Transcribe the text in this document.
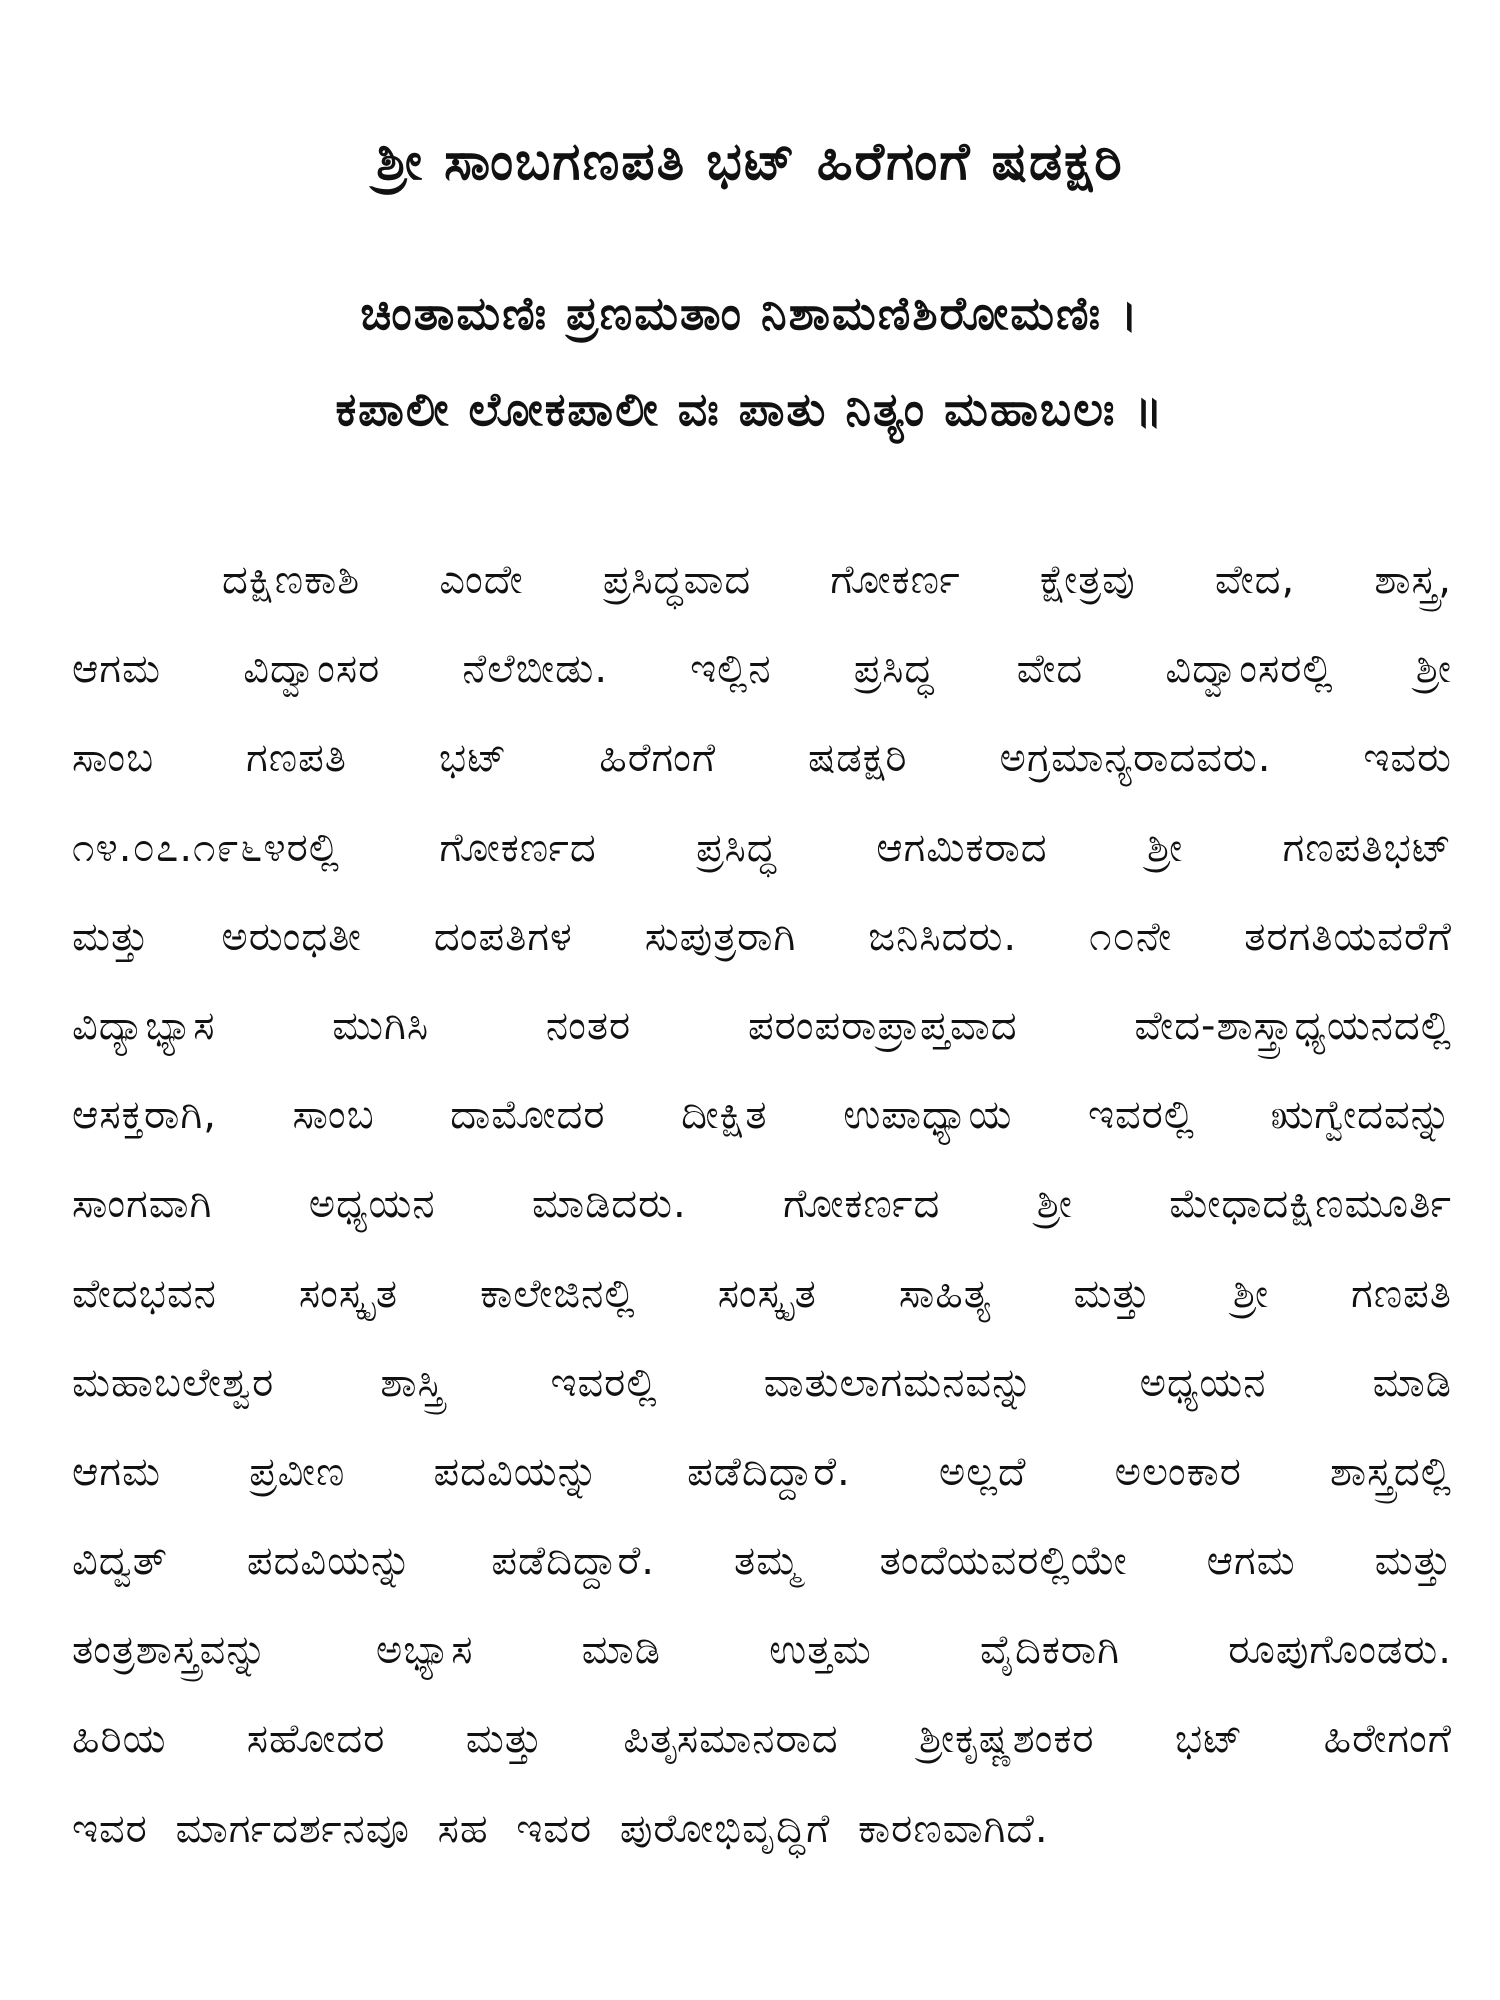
ಶ್ರೀ ಸಾಂಬಗಣಪತಿ ಭಟ್ ಹಿರೆಗಂಗೆ ಷಡಕ್ಷರಿ
ಚಿಂತಾಮಣಿಃ ಪ್ರಣಮತಾಂ ನಿಶಾಮಣಿಶಿರೋಮಣಿಃ ।
ಕಪಾಲೀ ಲೋಕಪಾಲೀ ವಃ ಪಾತು ನಿತ್ಯಂ ಮಹಾಬಲಃ ॥
ದಕ್ಷಿಣಕಾಶಿ ಎಂದೇ ಪ್ರಸಿದ್ಧವಾದ ಗೋಕರ್ಣ ಕ್ಷೇತ್ರವು ವೇದ, ಶಾಸ್ತ್ರ,
ಆಗಮ ವಿದ್ವಾಂಸರ ನೆಲೆಬೀಡು. ಇಲ್ಲಿನ ಪ್ರಸಿದ್ಧ ವೇದ ವಿದ್ವಾಂಸರಲ್ಲಿ ಶ್ರೀ
ಸಾಂಬ ಗಣಪತಿ ಭಟ್ ಹಿರೆಗಂಗೆ ಷಡಕ್ಷರಿ ಅಗ್ರಮಾನ್ಯರಾದವರು. ಇವರು
೧೪.೦೭.೧೯೬೪ರಲ್ಲಿ ಗೋಕರ್ಣದ ಪ್ರಸಿದ್ಧ ಆಗಮಿಕರಾದ ಶ್ರೀ ಗಣಪತಿಭಟ್
ಮತ್ತು ಅರುಂಧತೀ ದಂಪತಿಗಳ ಸುಪುತ್ರರಾಗಿ ಜನಿಸಿದರು. ೧೦ನೇ ತರಗತಿಯವರೆಗೆ
ವಿದ್ಯಾಭ್ಯಾಸ ಮುಗಿಸಿ ನಂತರ ಪರಂಪರಾಪ್ರಾಪ್ತವಾದ ವೇದ-ಶಾಸ್ತ್ರಾಧ್ಯಯನದಲ್ಲಿ
ಆಸಕ್ತರಾಗಿ, ಸಾಂಬ ದಾಮೋದರ ದೀಕ್ಷಿತ ಉಪಾಧ್ಯಾಯ ಇವರಲ್ಲಿ ಋಗ್ವೇದವನ್ನು
ಸಾಂಗವಾಗಿ ಅಧ್ಯಯನ ಮಾಡಿದರು. ಗೋಕರ್ಣದ ಶ್ರೀ ಮೇಧಾದಕ್ಷಿಣಮೂರ್ತಿ
ವೇದಭವನ ಸಂಸ್ಕೃತ ಕಾಲೇಜಿನಲ್ಲಿ ಸಂಸ್ಕೃತ ಸಾಹಿತ್ಯ ಮತ್ತು ಶ್ರೀ ಗಣಪತಿ
ಮಹಾಬಲೇಶ್ವರ ಶಾಸ್ತ್ರಿ ಇವರಲ್ಲಿ ವಾತುಲಾಗಮನವನ್ನು ಅಧ್ಯಯನ ಮಾಡಿ
ಆಗಮ ಪ್ರವೀಣ ಪದವಿಯನ್ನು ಪಡೆದಿದ್ದಾರೆ. ಅಲ್ಲದೆ ಅಲಂಕಾರ ಶಾಸ್ತ್ರದಲ್ಲಿ
ವಿದ್ವತ್ ಪದವಿಯನ್ನು ಪಡೆದಿದ್ದಾರೆ. ತಮ್ಮ ತಂದೆಯವರಲ್ಲಿಯೇ ಆಗಮ ಮತ್ತು
ತಂತ್ರಶಾಸ್ತ್ರವನ್ನು ಅಭ್ಯಾಸ ಮಾಡಿ ಉತ್ತಮ ವೈದಿಕರಾಗಿ ರೂಪುಗೊಂಡರು.
ಹಿರಿಯ ಸಹೋದರ ಮತ್ತು ಪಿತೃಸಮಾನರಾದ ಶ್ರೀಕೃಷ್ಣಶಂಕರ ಭಟ್ ಹಿರೇಗಂಗೆ
ಇವರ ಮಾರ್ಗದರ್ಶನವೂ ಸಹ ಇವರ ಪುರೋಭಿವೃದ್ಧಿಗೆ ಕಾರಣವಾಗಿದೆ.
